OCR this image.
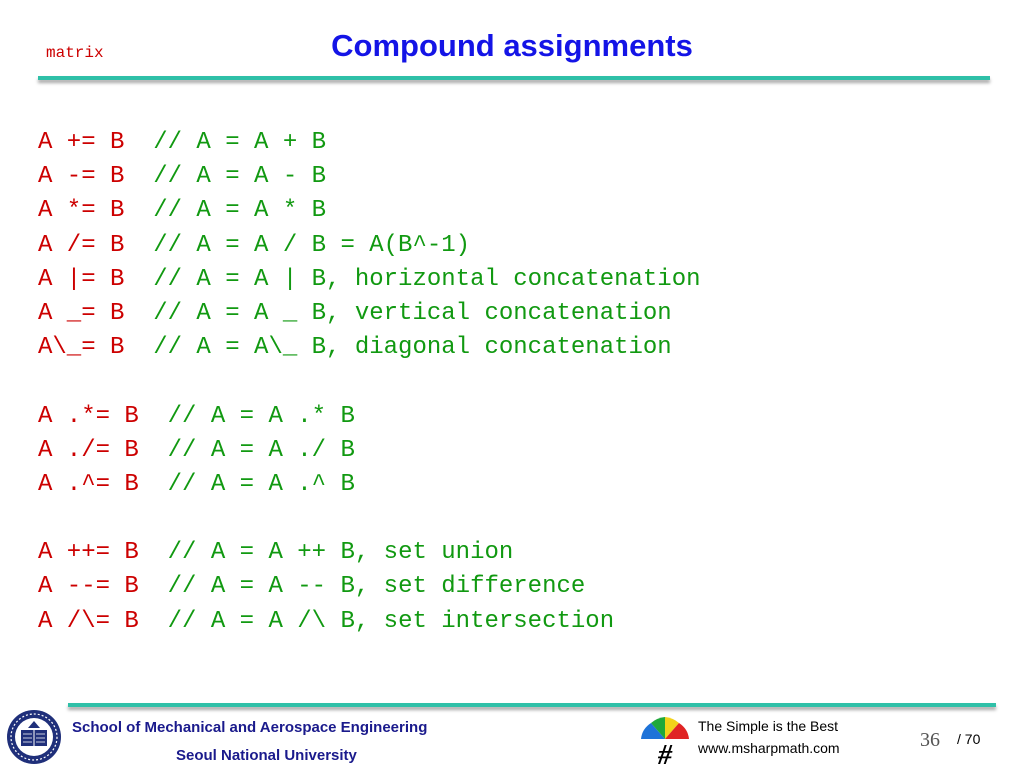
matrix	Compound assignments
A += B  // A = A + B
A -= B  // A = A - B
A *= B  // A = A * B
A /= B  // A = A / B = A(B^-1)
A |= B  // A = A | B, horizontal concatenation
A _= B  // A = A _ B, vertical concatenation
A\_= B  // A = A\_ B, diagonal concatenation
A .*= B  // A = A .* B
A ./= B  // A = A ./ B
A .^= B  // A = A .^ B
A ++= B  // A = A ++ B, set union
A --= B  // A = A -- B, set difference
A /\= B  // A = A /\ B, set intersection
School of Mechanical and Aerospace Engineering
Seoul National University	#
The Simple is the Best
www.msharpmath.com	36 / 70
